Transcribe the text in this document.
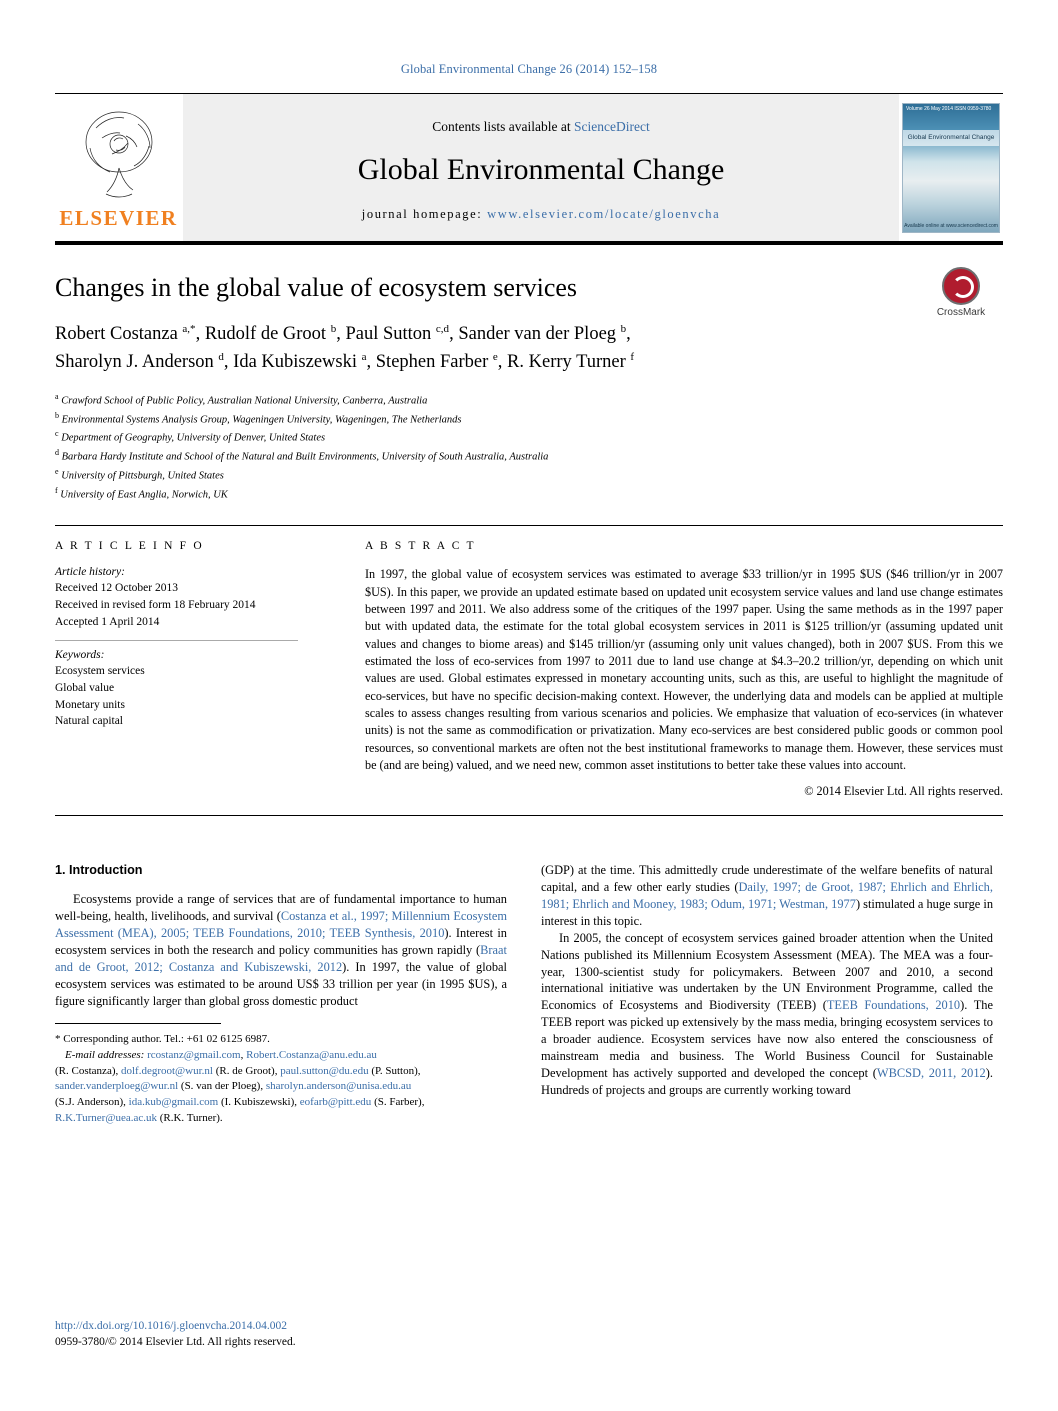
Global Environmental Change 26 (2014) 152–158
ELSEVIER
Contents lists available at ScienceDirect
Global Environmental Change
journal homepage: www.elsevier.com/locate/gloenvcha
Volume 26 May 2014 ISSN 0959-3780
Global Environmental Change
Available online at www.sciencedirect.com
CrossMark
Changes in the global value of ecosystem services
Robert Costanza $^{a,*}$, Rudolf de Groot $^b$, Paul Sutton $^{c,d}$, Sander van der Ploeg $^b$,
Sharolyn J. Anderson $^d$, Ida Kubiszewski $^a$, Stephen Farber $^e$, R. Kerry Turner $^f$
$^a$ Crawford School of Public Policy, Australian National University, Canberra, Australia
$^b$ Environmental Systems Analysis Group, Wageningen University, Wageningen, The Netherlands
$^c$ Department of Geography, University of Denver, United States
$^d$ Barbara Hardy Institute and School of the Natural and Built Environments, University of South Australia, Australia
$^e$ University of Pittsburgh, United States
$^f$ University of East Anglia, Norwich, UK
A R T I C L E I N F O
Article history:
Received 12 October 2013
Received in revised form 18 February 2014
Accepted 1 April 2014
Keywords:
Ecosystem services
Global value
Monetary units
Natural capital
A B S T R A C T
In 1997, the global value of ecosystem services was estimated to average $33 trillion/yr in 1995 $US ($46 trillion/yr in 2007 $US). In this paper, we provide an updated estimate based on updated unit ecosystem service values and land use change estimates between 1997 and 2011. We also address some of the critiques of the 1997 paper. Using the same methods as in the 1997 paper but with updated data, the estimate for the total global ecosystem services in 2011 is $125 trillion/yr (assuming updated unit values and changes to biome areas) and $145 trillion/yr (assuming only unit values changed), both in 2007 $US. From this we estimated the loss of eco-services from 1997 to 2011 due to land use change at $4.3–20.2 trillion/yr, depending on which unit values are used. Global estimates expressed in monetary accounting units, such as this, are useful to highlight the magnitude of eco-services, but have no specific decision-making context. However, the underlying data and models can be applied at multiple scales to assess changes resulting from various scenarios and policies. We emphasize that valuation of eco-services (in whatever units) is not the same as commodification or privatization. Many eco-services are best considered public goods or common pool resources, so conventional markets are often not the best institutional frameworks to manage them. However, these services must be (and are being) valued, and we need new, common asset institutions to better take these values into account.
© 2014 Elsevier Ltd. All rights reserved.
1. Introduction

Ecosystems provide a range of services that are of fundamental importance to human well-being, health, livelihoods, and survival (Costanza et al., 1997; Millennium Ecosystem Assessment (MEA), 2005; TEEB Foundations, 2010; TEEB Synthesis, 2010). Interest in ecosystem services in both the research and policy communities has grown rapidly (Braat and de Groot, 2012; Costanza and Kubiszewski, 2012). In 1997, the value of global ecosystem services was estimated to be around US$ 33 trillion per year (in 1995 $US), a figure significantly larger than global gross domestic product

* Corresponding author. Tel.: +61 02 6125 6987.
E-mail addresses: rcostanz@gmail.com, Robert.Costanza@anu.edu.au
(R. Costanza), dolf.degroot@wur.nl (R. de Groot), paul.sutton@du.edu (P. Sutton),
sander.vanderploeg@wur.nl (S. van der Ploeg), sharolyn.anderson@unisa.edu.au
(S.J. Anderson), ida.kub@gmail.com (I. Kubiszewski), eofarb@pitt.edu (S. Farber),
R.K.Turner@uea.ac.uk (R.K. Turner).

(GDP) at the time. This admittedly crude underestimate of the welfare benefits of natural capital, and a few other early studies (Daily, 1997; de Groot, 1987; Ehrlich and Ehrlich, 1981; Ehrlich and Mooney, 1983; Odum, 1971; Westman, 1977) stimulated a huge surge in interest in this topic.

In 2005, the concept of ecosystem services gained broader attention when the United Nations published its Millennium Ecosystem Assessment (MEA). The MEA was a four-year, 1300-scientist study for policymakers. Between 2007 and 2010, a second international initiative was undertaken by the UN Environment Programme, called the Economics of Ecosystems and Biodiversity (TEEB) (TEEB Foundations, 2010). The TEEB report was picked up extensively by the mass media, bringing ecosystem services to a broader audience. Ecosystem services have now also entered the consciousness of mainstream media and business. The World Business Council for Sustainable Development has actively supported and developed the concept (WBCSD, 2011, 2012). Hundreds of projects and groups are currently working toward

http://dx.doi.org/10.1016/j.gloenvcha.2014.04.002
0959-3780/© 2014 Elsevier Ltd. All rights reserved.
